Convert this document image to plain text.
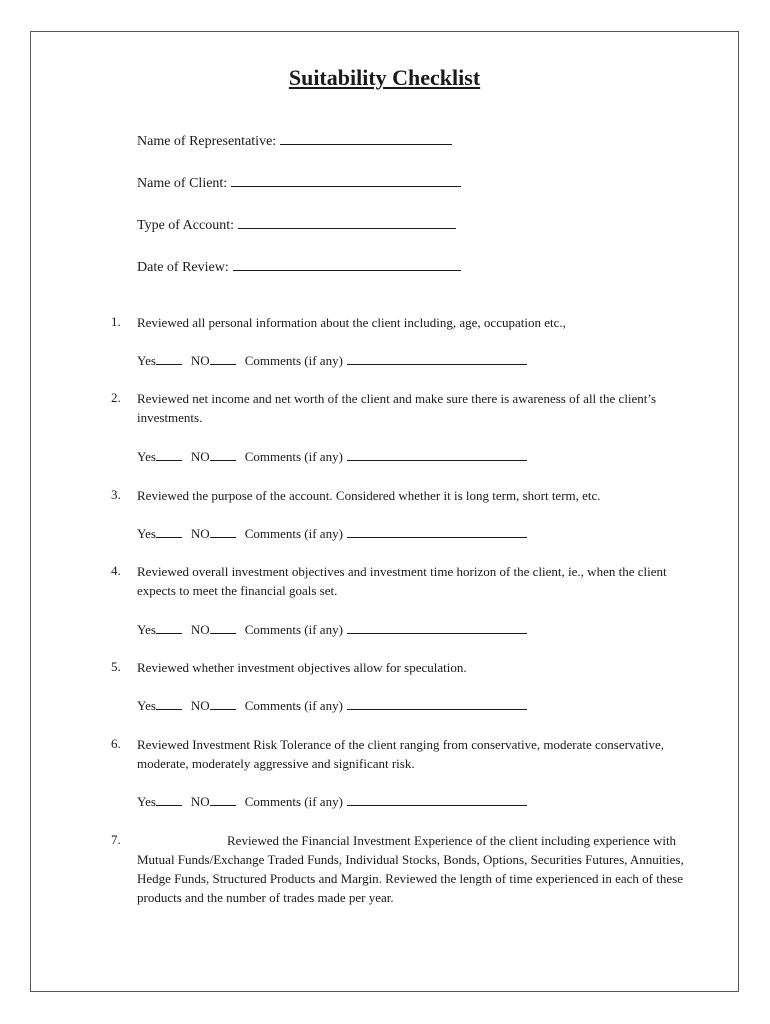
Suitability Checklist
Name of Representative:
Name of Client:
Type of Account:
Date of Review:
1. Reviewed all personal information about the client including, age, occupation etc.,
Yes	NO	Comments (if any)
2. Reviewed net income and net worth of the client and make sure there is awareness of all the client’s investments.
Yes	NO	Comments (if any)
3. Reviewed the purpose of the account. Considered whether it is long term, short term, etc.
Yes	NO	Comments (if any)
4. Reviewed overall investment objectives and investment time horizon of the client, ie., when the client expects to meet the financial goals set.
Yes	NO	Comments (if any)
5. Reviewed whether investment objectives allow for speculation.
Yes	NO	Comments (if any)
6. Reviewed Investment Risk Tolerance of the client ranging from conservative, moderate conservative, moderate, moderately aggressive and significant risk.
Yes	NO	Comments (if any)
7.	Reviewed the Financial Investment Experience of the client including experience with Mutual Funds/Exchange Traded Funds, Individual Stocks, Bonds, Options, Securities Futures, Annuities, Hedge Funds, Structured Products and Margin. Reviewed the length of time experienced in each of these products and the number of trades made per year.
